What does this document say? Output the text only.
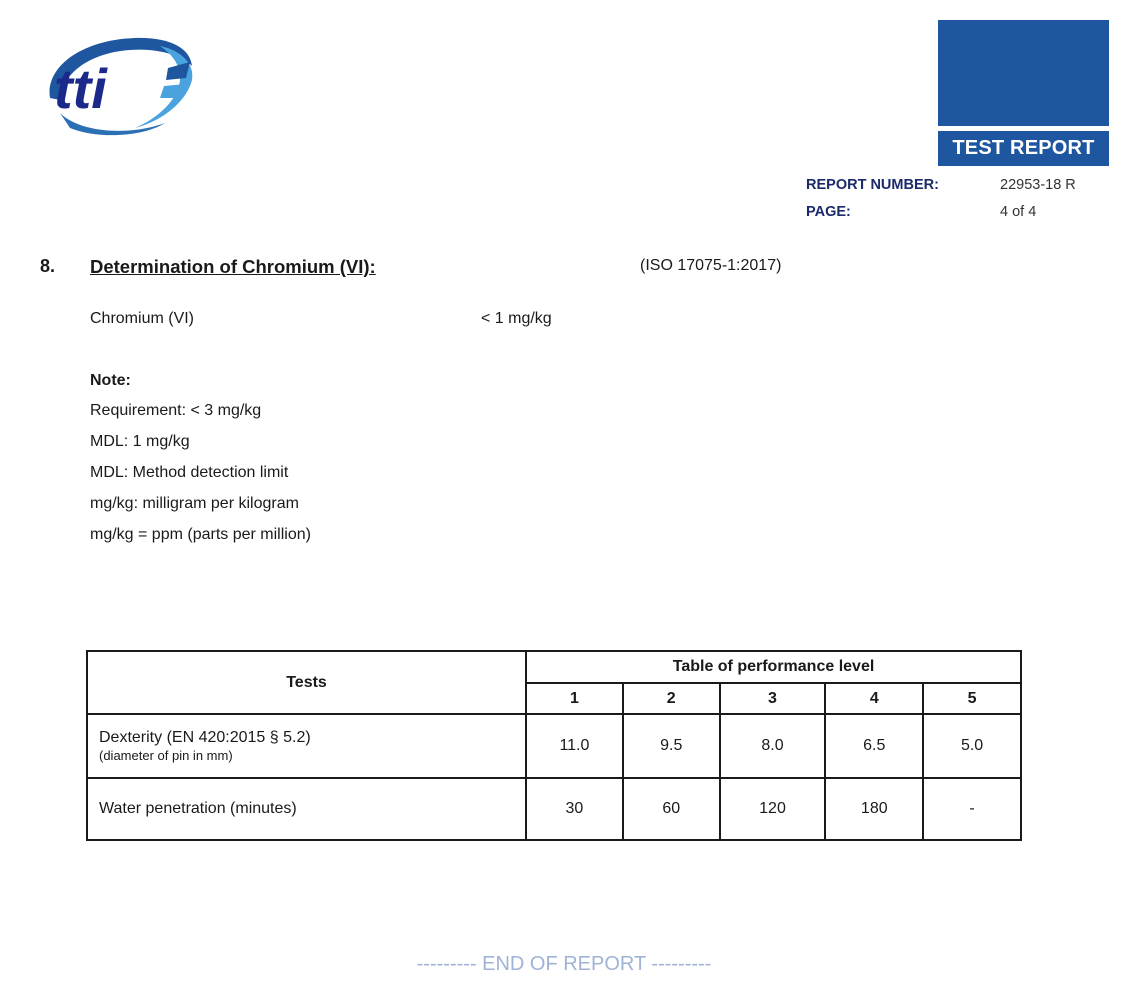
tti
TEST REPORT
REPORT NUMBER:	22953-18 R
PAGE:	4 of 4
8. Determination of Chromium (VI):	(ISO 17075-1:2017)
Chromium (VI)	< 1 mg/kg
Note:
Requirement: < 3 mg/kg
MDL: 1 mg/kg
MDL: Method detection limit
mg/kg: milligram per kilogram
mg/kg = ppm (parts per million)
Tests	Table of performance level				
	1	2	3	4	5
Dexterity (EN 420:2015 § 5.2)
(diameter of pin in mm)	11.0	9.5	8.0	6.5	5.0
Water penetration (minutes)	30	60	120	180	-
--------- END OF REPORT ---------
